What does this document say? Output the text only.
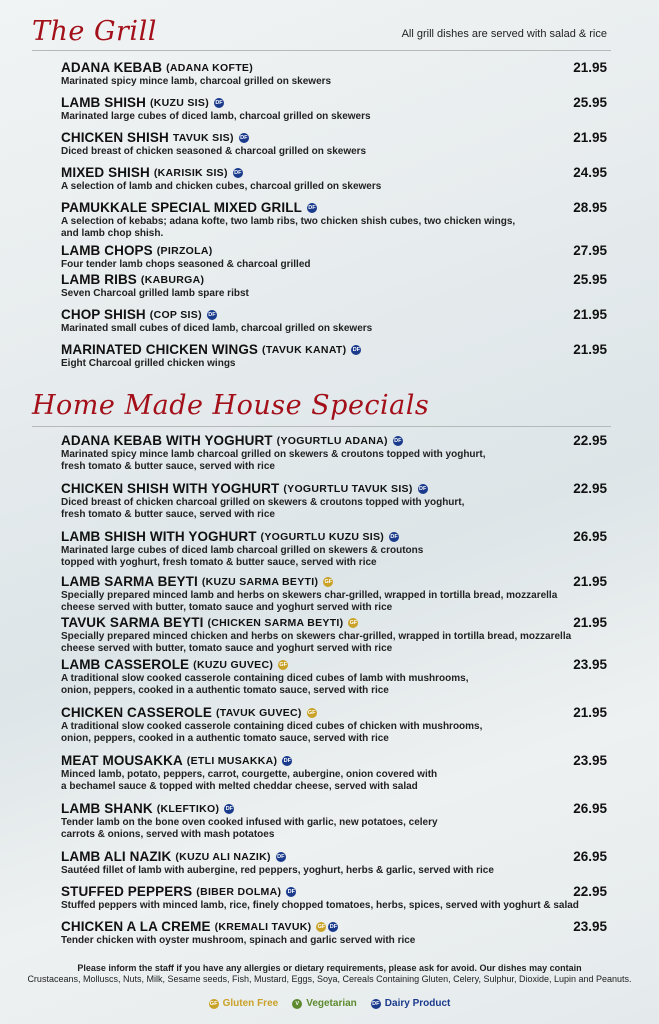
The Grill	All grill dishes are served with salad & rice
ADANA KEBAB (ADANA KOFTE)	21.95
Marinated spicy mince lamb, charcoal grilled on skewers
LAMB SHISH (KUZU SIS) DF	25.95
Marinated large cubes of diced lamb, charcoal grilled on skewers
CHICKEN SHISH TAVUK SIS) DF	21.95
Diced breast of chicken seasoned & charcoal grilled on skewers
MIXED SHISH (KARISIK SIS) DF	24.95
A selection of lamb and chicken cubes, charcoal grilled on skewers
PAMUKKALE SPECIAL MIXED GRILL DF	28.95
A selection of kebabs; adana kofte, two lamb ribs, two chicken shish cubes, two chicken wings,
and lamb chop shish.
LAMB CHOPS (PIRZOLA)	27.95
Four tender lamb chops seasoned & charcoal grilled
LAMB RIBS (KABURGA)	25.95
Seven Charcoal grilled lamb spare ribst
CHOP SHISH (COP SIS) DF	21.95
Marinated small cubes of diced lamb, charcoal grilled on skewers
MARINATED CHICKEN WINGS (TAVUK KANAT) DF	21.95
Eight Charcoal grilled chicken wings
Home Made House Specials
ADANA KEBAB WITH YOGHURT (YOGURTLU ADANA) DF	22.95
Marinated spicy mince lamb charcoal grilled on skewers & croutons topped with yoghurt,
fresh tomato & butter sauce, served with rice
CHICKEN SHISH WITH YOGHURT (YOGURTLU TAVUK SIS) DF	22.95
Diced breast of chicken charcoal grilled on skewers & croutons topped with yoghurt,
fresh tomato & butter sauce, served with rice
LAMB SHISH WITH YOGHURT (YOGURTLU KUZU SIS) DF	26.95
Marinated large cubes of diced lamb charcoal grilled on skewers & croutons
topped with yoghurt, fresh tomato & butter sauce, served with rice
LAMB SARMA BEYTI (KUZU SARMA BEYTI) GF	21.95
Specially prepared minced lamb and herbs on skewers char-grilled, wrapped in tortilla bread, mozzarella
cheese served with butter, tomato sauce and yoghurt served with rice
TAVUK SARMA BEYTI (CHICKEN SARMA BEYTI) GF	21.95
Specially prepared minced chicken and herbs on skewers char-grilled, wrapped in tortilla bread, mozzarella
cheese served with butter, tomato sauce and yoghurt served with rice
LAMB CASSEROLE (KUZU GUVEC) GF	23.95
A traditional slow cooked casserole containing diced cubes of lamb with mushrooms,
onion, peppers, cooked in a authentic tomato sauce, served with rice
CHICKEN CASSEROLE (TAVUK GUVEC) GF	21.95
A traditional slow cooked casserole containing diced cubes of chicken with mushrooms,
onion, peppers, cooked in a authentic tomato sauce, served with rice
MEAT MOUSAKKA (ETLI MUSAKKA) DF	23.95
Minced lamb, potato, peppers, carrot, courgette, aubergine, onion covered with
a bechamel sauce & topped with melted cheddar cheese, served with salad
LAMB SHANK (KLEFTIKO) DF	26.95
Tender lamb on the bone oven cooked infused with garlic, new potatoes, celery
carrots & onions, served with mash potatoes
LAMB ALI NAZIK (KUZU ALI NAZIK) DF	26.95
Sautéed fillet of lamb with aubergine, red peppers, yoghurt, herbs & garlic, served with rice
STUFFED PEPPERS (BIBER DOLMA) DF	22.95
Stuffed peppers with minced lamb, rice, finely chopped tomatoes, herbs, spices, served with yoghurt & salad
CHICKEN A LA CREME (KREMALI TAVUK) GF DF	23.95
Tender chicken with oyster mushroom, spinach and garlic served with rice
Please inform the staff if you have any allergies or dietary requirements, please ask for avoid. Our dishes may contain
Crustaceans, Molluscs, Nuts, Milk, Sesame seeds, Fish, Mustard, Eggs, Soya, Cereals Containing Gluten, Celery, Sulphur, Dioxide, Lupin and Peanuts.
GF Gluten Free	V Vegetarian	DF Dairy Product
